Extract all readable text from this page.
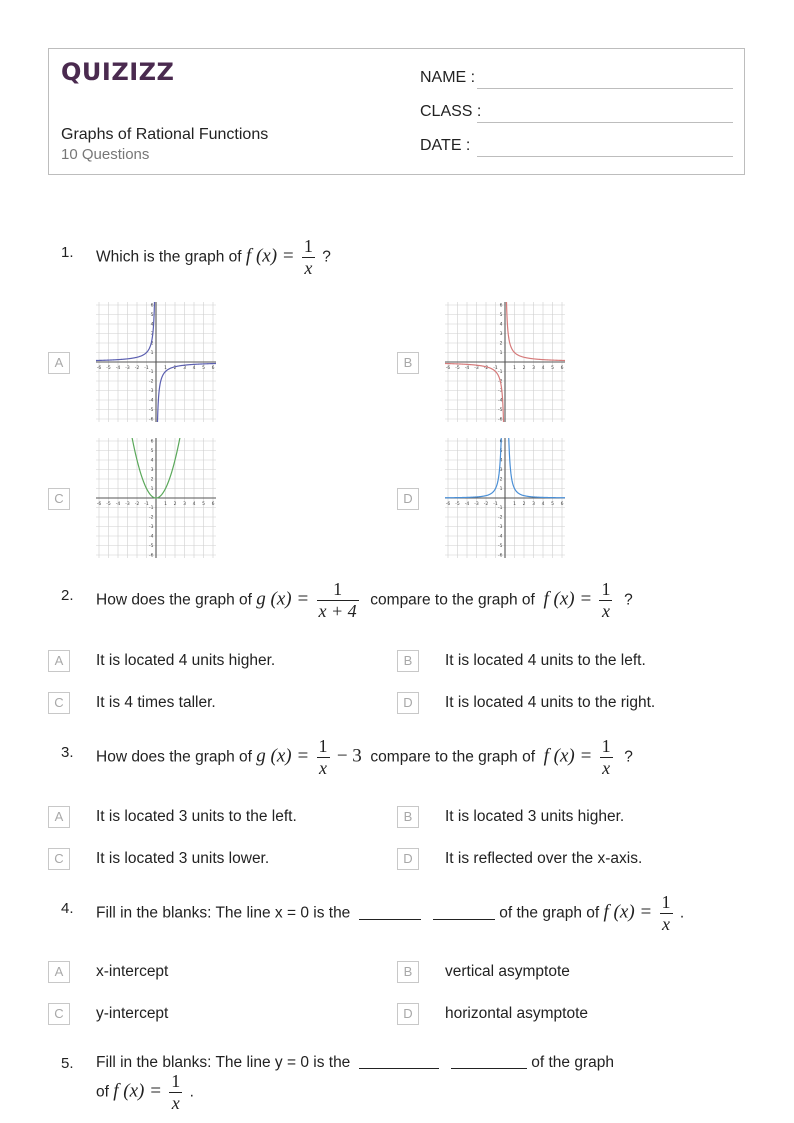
QUIZIZZ
Graphs of Rational Functions
10 Questions
NAME :
CLASS :
DATE :
1. Which is the graph of f $(x) = \frac{1}{x}$ ?
A	B
C	D
-6
-6
-5
-5
-4
-4
-3
-3
-2
-2
-1
-1
1
1
2
2
3
3
4
4
5
5
6
6
-6
-6
-5
-5
-4
-4
-3
-3
-2
-2
-1
-1
1
1
2
2
3
3
4
4
5
5
6
6
-6
-6
-5
-5
-4
-4
-3
-3
-2
-2
-1
-1
1
1
2
2
3
3
4
4
5
5
6
6
-6
-6
-5
-5
-4
-4
-3
-3
-2
-2
-1
-1
1
1
2
2
3
3
4
4
5
5
6
6
2. How does the graph of g $(x) = \frac{1}{x + 4}$ compare to the graph of f $(x) = \frac{1}{x}$ ?
A	It is located 4 units higher.	B	It is located 4 units to the left.
C	It is 4 times taller.	D	It is located 4 units to the right.
3. How does the graph of g $(x) = \frac{1}{x} - 3$ compare to the graph of f $(x) = \frac{1}{x}$ ?
A	It is located 3 units to the left.	B	It is located 3 units higher.
C	It is located 3 units lower.	D	It is reflected over the x-axis.
4. Fill in the blanks: The line x = 0 is the	of the graph of f $(x) = \frac{1}{x}$ .
A	x-intercept	B	vertical asymptote
C	y-intercept	D	horizontal asymptote
5. Fill in the blanks: The line y = 0 is the	of the graph
of f $(x) = \frac{1}{x}$ .
